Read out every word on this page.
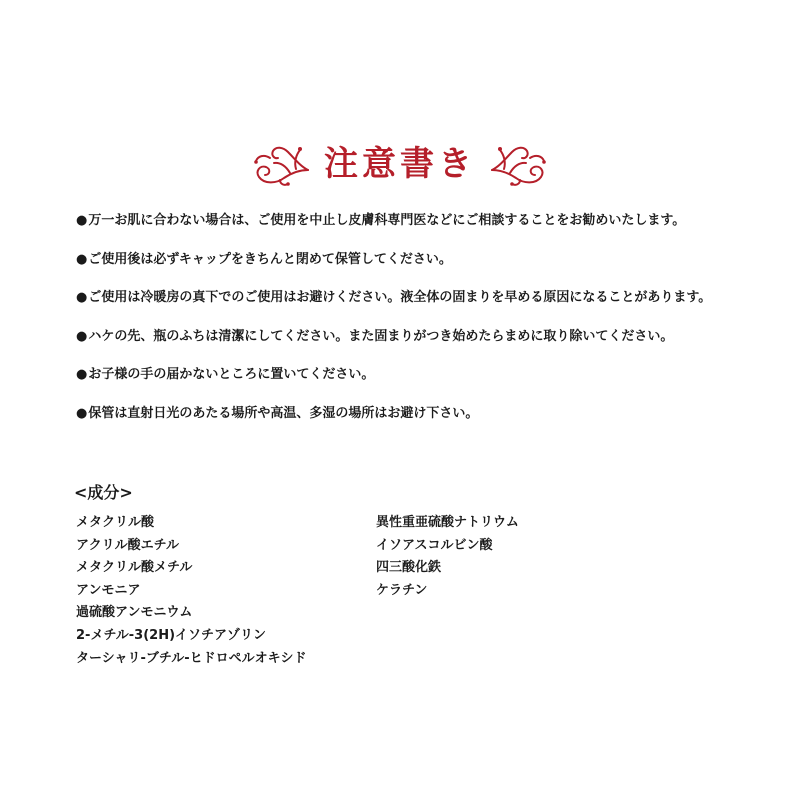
注意書き
●万一お肌に合わない場合は、ご使用を中止し皮膚科専門医などにご相談することをお勧めいたします。
●ご使用後は必ずキャップをきちんと閉めて保管してください。
●ご使用は冷暖房の真下でのご使用はお避けください。液全体の固まりを早める原因になることがあります。
●ハケの先、瓶のふちは清潔にしてください。また固まりがつき始めたらまめに取り除いてください。
●お子様の手の届かないところに置いてください。
●保管は直射日光のあたる場所や高温、多湿の場所はお避け下さい。
<成分>
メタクリル酸
アクリル酸エチル
メタクリル酸メチル
アンモニア
過硫酸アンモニウム
2-メチル-3(2H)イソチアゾリン
ターシャリ-ブチル-ヒドロペルオキシド
異性重亜硫酸ナトリウム
イソアスコルビン酸
四三酸化鉄
ケラチン
